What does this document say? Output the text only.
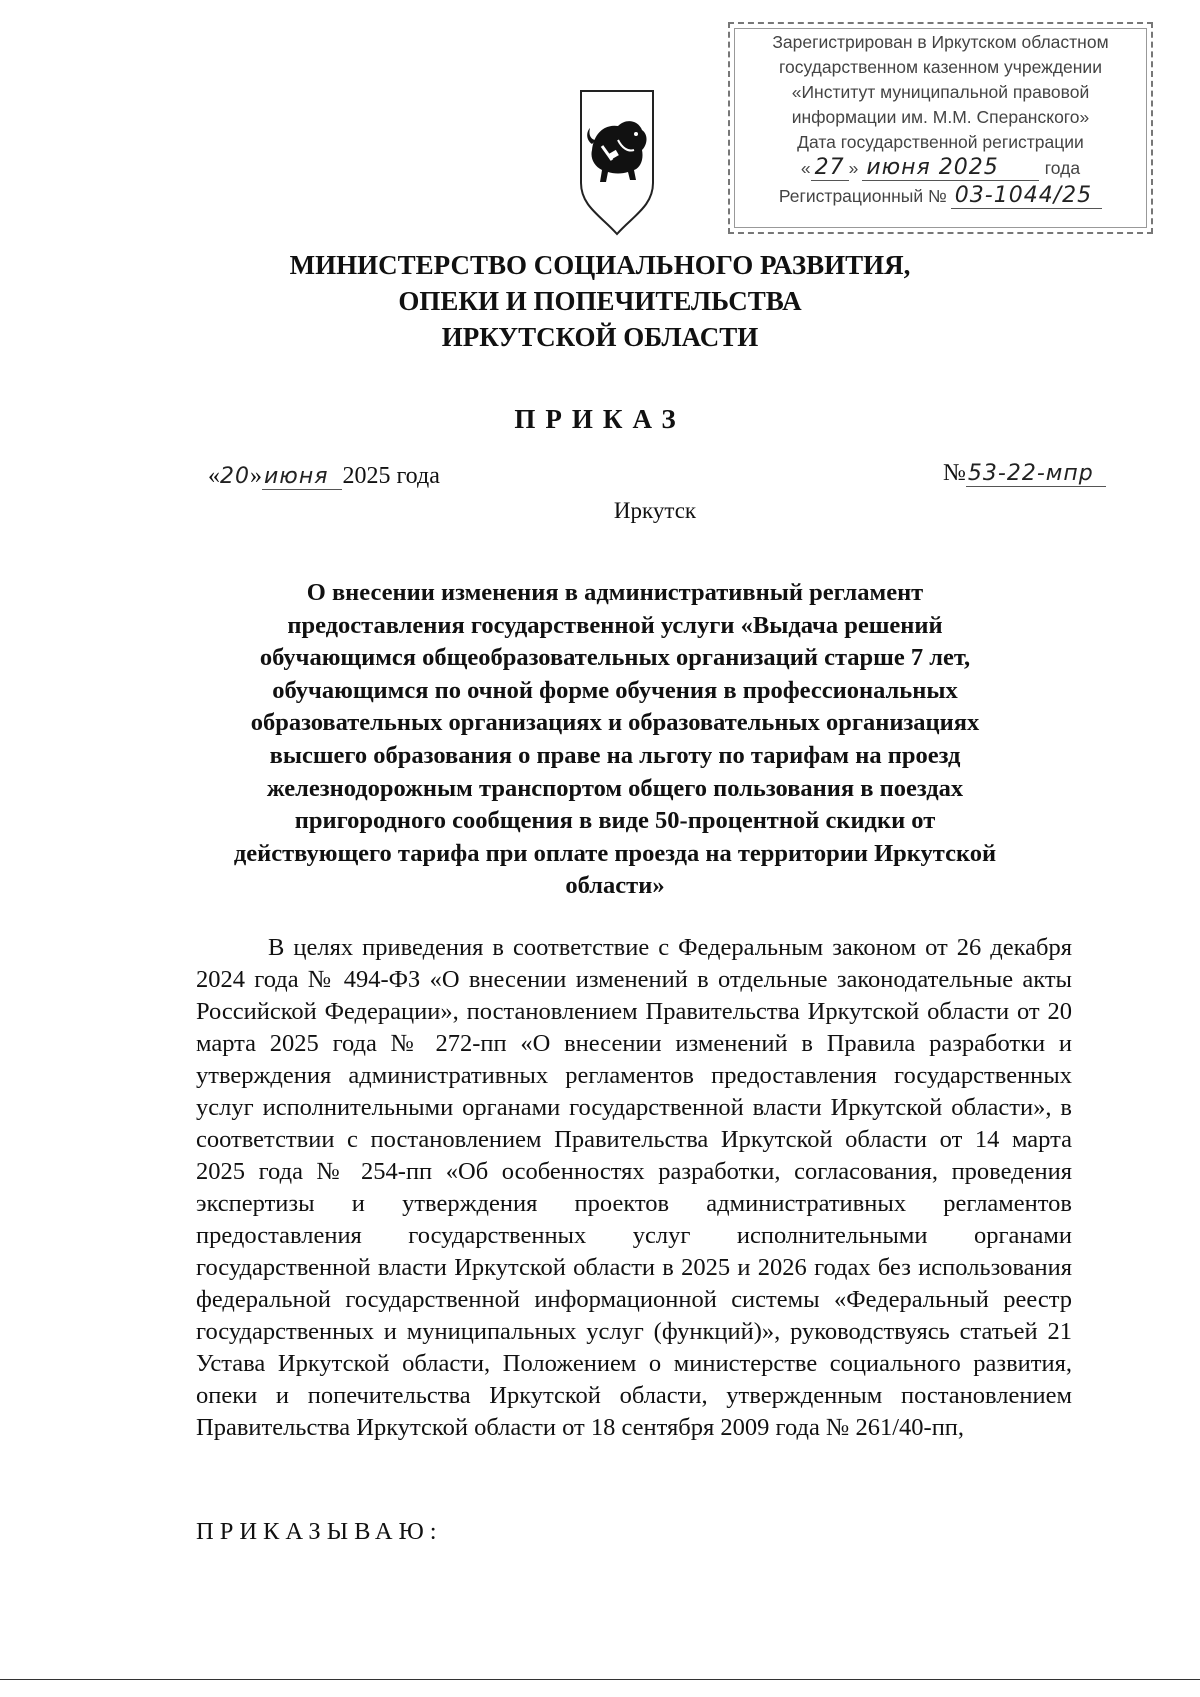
Зарегистрирован в Иркутском областном
государственном казенном учреждении
«Институт муниципальной правовой
информации им. М.М. Сперанского»
Дата государственной регистрации
« 27 » июня 2025	года
Регистрационный № 03-1044/25
МИНИСТЕРСТВО СОЦИАЛЬНОГО РАЗВИТИЯ,
ОПЕКИ И ПОПЕЧИТЕЛЬСТВА
ИРКУТСКОЙ ОБЛАСТИ
ПРИКАЗ
«20»июня 2025 года	№53-22-мпр
Иркутск
О внесении изменения в административный регламент
предоставления государственной услуги «Выдача решений
обучающимся общеобразовательных организаций старше 7 лет,
обучающимся по очной форме обучения в профессиональных
образовательных организациях и образовательных организациях
высшего образования о праве на льготу по тарифам на проезд
железнодорожным транспортом общего пользования в поездах
пригородного сообщения в виде 50-процентной скидки от
действующего тарифа при оплате проезда на территории Иркутской
области»
В целях приведения в соответствие с Федеральным законом от 26 декабря 2024 года № 494-ФЗ «О внесении изменений в отдельные законодательные акты Российской Федерации», постановлением Правительства Иркутской области от 20 марта 2025 года № 272-пп «О внесении изменений в Правила разработки и утверждения административных регламентов предоставления государственных услуг исполнительными органами государственной власти Иркутской области», в соответствии с постановлением Правительства Иркутской области от 14 марта 2025 года № 254-пп «Об особенностях разработки, согласования, проведения экспертизы и утверждения проектов административных регламентов предоставления государственных услуг исполнительными органами государственной власти Иркутской области в 2025 и 2026 годах без использования федеральной государственной информационной системы «Федеральный реестр государственных и муниципальных услуг (функций)», руководствуясь статьей 21 Устава Иркутской области, Положением о министерстве социального развития, опеки и попечительства Иркутской области, утвержденным постановлением Правительства Иркутской области от 18 сентября 2009 года № 261/40-пп,
ПРИКАЗЫВАЮ:
